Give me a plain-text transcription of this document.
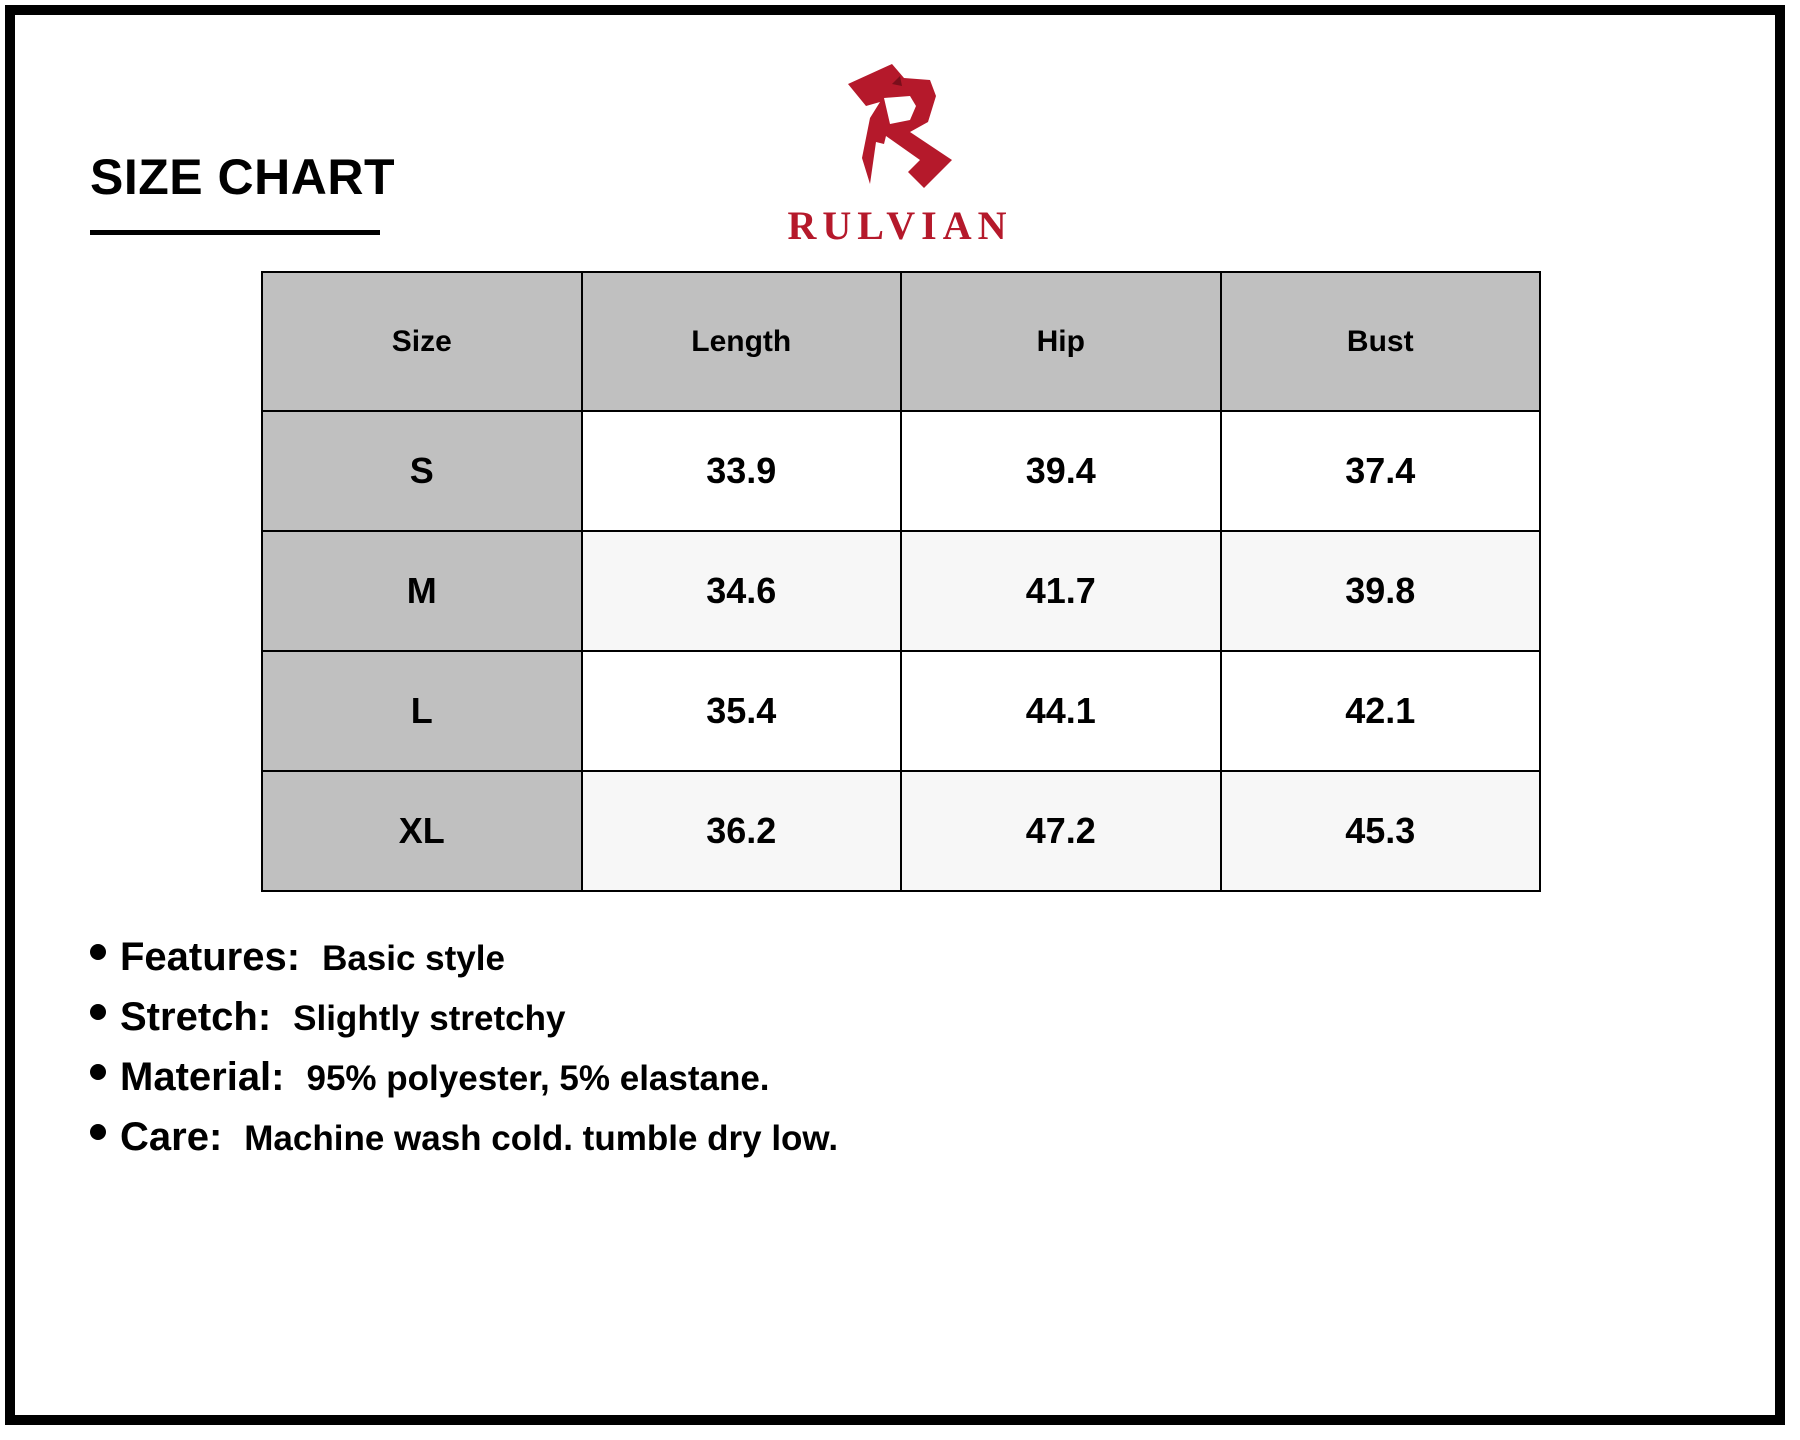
SIZE CHART
RULVIAN
Size	Length	Hip	Bust
S	33.9	39.4	37.4
M	34.6	41.7	39.8
L	35.4	44.1	42.1
XL	36.2	47.2	45.3
Features: Basic style
Stretch: Slightly stretchy
Material: 95% polyester, 5% elastane.
Care: Machine wash cold. tumble dry low.
